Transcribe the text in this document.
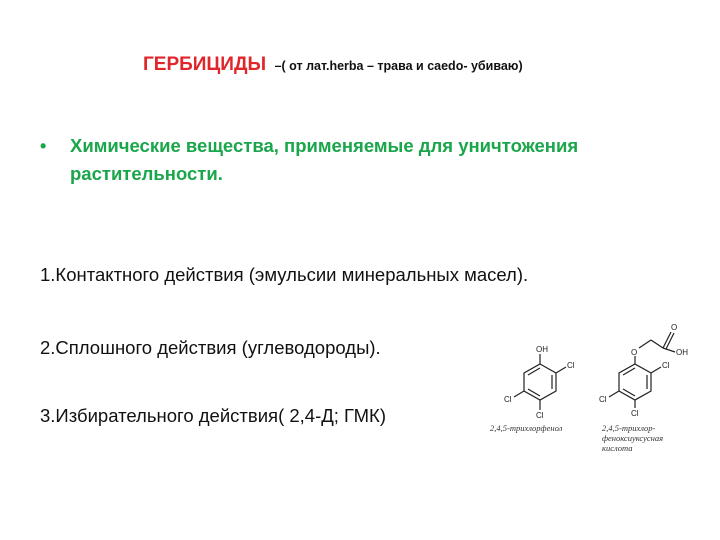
ГЕРБИЦИДЫ –( от лат.herba – трава и caedo- убиваю)
• Химические вещества, применяемые для уничтожения
растительности.
1.Контактного действия (эмульсии минеральных масел).
2.Сплошного действия (углеводороды).
3.Избирательного действия( 2,4-Д; ГМК)
OH
Cl
Cl
Cl
2,4,5-трихлорфенол
O
O
OH
Cl
Cl
Cl
2,4,5-трихлор-
феноксиуксусная
кислота
